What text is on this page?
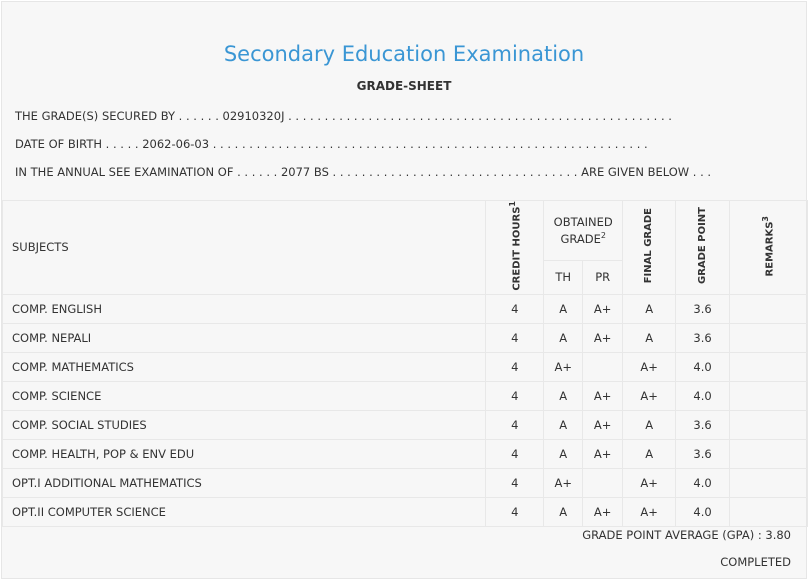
Secondary Education Examination
GRADE-SHEET
THE GRADE(S) SECURED BY . . . . . . 02910320J . . . . . . . . . . . . . . . . . . . . . . . . . . . . . . . . . . . . . . . . . . . . . . . . . . . . .
DATE OF BIRTH . . . . . 2062-06-03 . . . . . . . . . . . . . . . . . . . . . . . . . . . . . . . . . . . . . . . . . . . . . . . . . . . . . . . . . . . .
IN THE ANNUAL SEE EXAMINATION OF . . . . . . 2077 BS . . . . . . . . . . . . . . . . . . . . . . . . . . . . . . . . . . ARE GIVEN BELOW . . .
SUBJECTS	CREDIT HOURS$^1$	OBTAINED GRADE$^2$		FINAL GRADE	GRADE POINT	REMARKS$^3$
		TH	PR			
COMP. ENGLISH	4	A	A+	A	3.6	
COMP. NEPALI	4	A	A+	A	3.6	
COMP. MATHEMATICS	4	A+		A+	4.0	
COMP. SCIENCE	4	A	A+	A+	4.0	
COMP. SOCIAL STUDIES	4	A	A+	A	3.6	
COMP. HEALTH, POP & ENV EDU	4	A	A+	A	3.6	
OPT.I ADDITIONAL MATHEMATICS	4	A+		A+	4.0	
OPT.II COMPUTER SCIENCE	4	A	A+	A+	4.0	
GRADE POINT AVERAGE (GPA) : 3.80
COMPLETED
